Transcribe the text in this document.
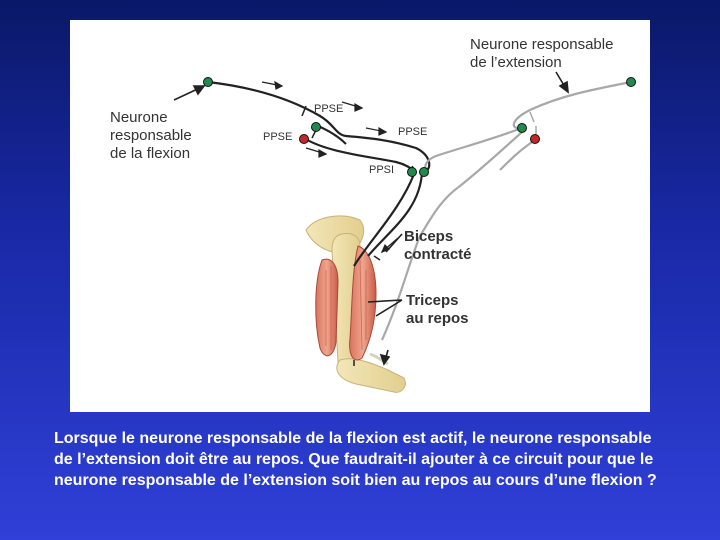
Neurone responsable de l’extension
Neurone responsable de la flexion
PPSE
PPSE	PPSE
PPSI
Biceps contracté
Triceps au repos

Lorsque le neurone responsable de la flexion est actif, le neurone responsable de l’extension doit être au repos. Que faudrait-il ajouter à ce circuit pour que le neurone responsable de l’extension soit bien au repos au cours d’une flexion ?
